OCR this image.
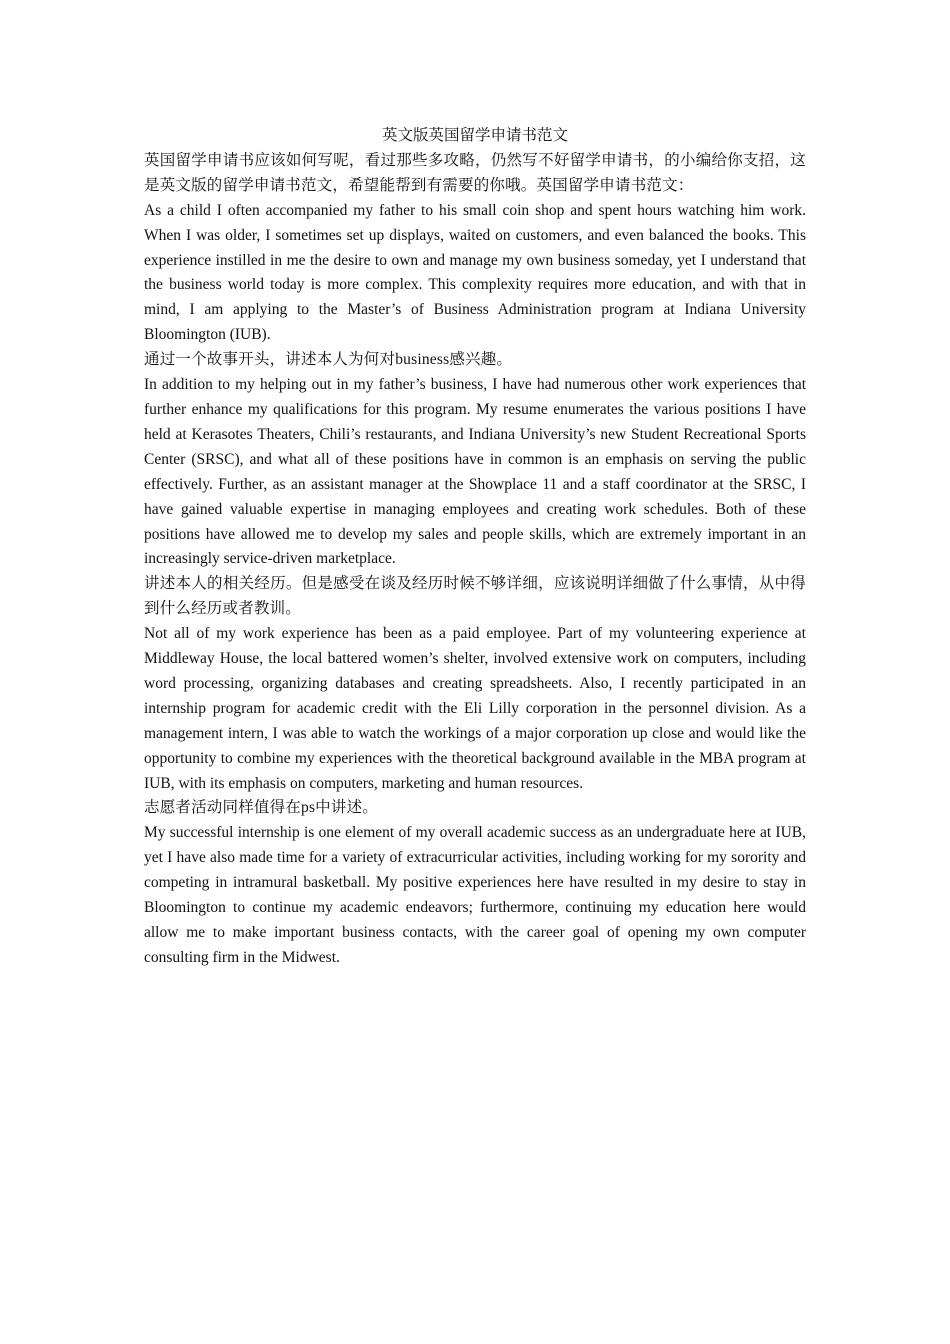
英文版英国留学申请书范文

英国留学申请书应该如何写呢，看过那些多攻略，仍然写不好留学申请书，的小编给你支招，这是英文版的留学申请书范文，希望能帮到有需要的你哦。英国留学申请书范文：

As a child I often accompanied my father to his small coin shop and spent hours watching him work. When I was older, I sometimes set up displays, waited on customers, and even balanced the books. This experience instilled in me the desire to own and manage my own business someday, yet I understand that the business world today is more complex. This complexity requires more education, and with that in mind, I am applying to the Master’s of Business Administration program at Indiana University Bloomington (IUB).

通过一个故事开头，讲述本人为何对business感兴趣。

In addition to my helping out in my father’s business, I have had numerous other work experiences that further enhance my qualifications for this program. My resume enumerates the various positions I have held at Kerasotes Theaters, Chili’s restaurants, and Indiana University’s new Student Recreational Sports Center (SRSC), and what all of these positions have in common is an emphasis on serving the public effectively. Further, as an assistant manager at the Showplace 11 and a staff coordinator at the SRSC, I have gained valuable expertise in managing employees and creating work schedules. Both of these positions have allowed me to develop my sales and people skills, which are extremely important in an increasingly service-driven marketplace.

讲述本人的相关经历。但是感受在谈及经历时候不够详细，应该说明详细做了什么事情，从中得到什么经历或者教训。

Not all of my work experience has been as a paid employee. Part of my volunteering experience at Middleway House, the local battered women’s shelter, involved extensive work on computers, including word processing, organizing databases and creating spreadsheets. Also, I recently participated in an internship program for academic credit with the Eli Lilly corporation in the personnel division. As a management intern, I was able to watch the workings of a major corporation up close and would like the opportunity to combine my experiences with the theoretical background available in the MBA program at IUB, with its emphasis on computers, marketing and human resources.

志愿者活动同样值得在ps中讲述。

My successful internship is one element of my overall academic success as an undergraduate here at IUB, yet I have also made time for a variety of extracurricular activities, including working for my sorority and competing in intramural basketball. My positive experiences here have resulted in my desire to stay in Bloomington to continue my academic endeavors; furthermore, continuing my education here would allow me to make important business contacts, with the career goal of opening my own computer consulting firm in the Midwest.
